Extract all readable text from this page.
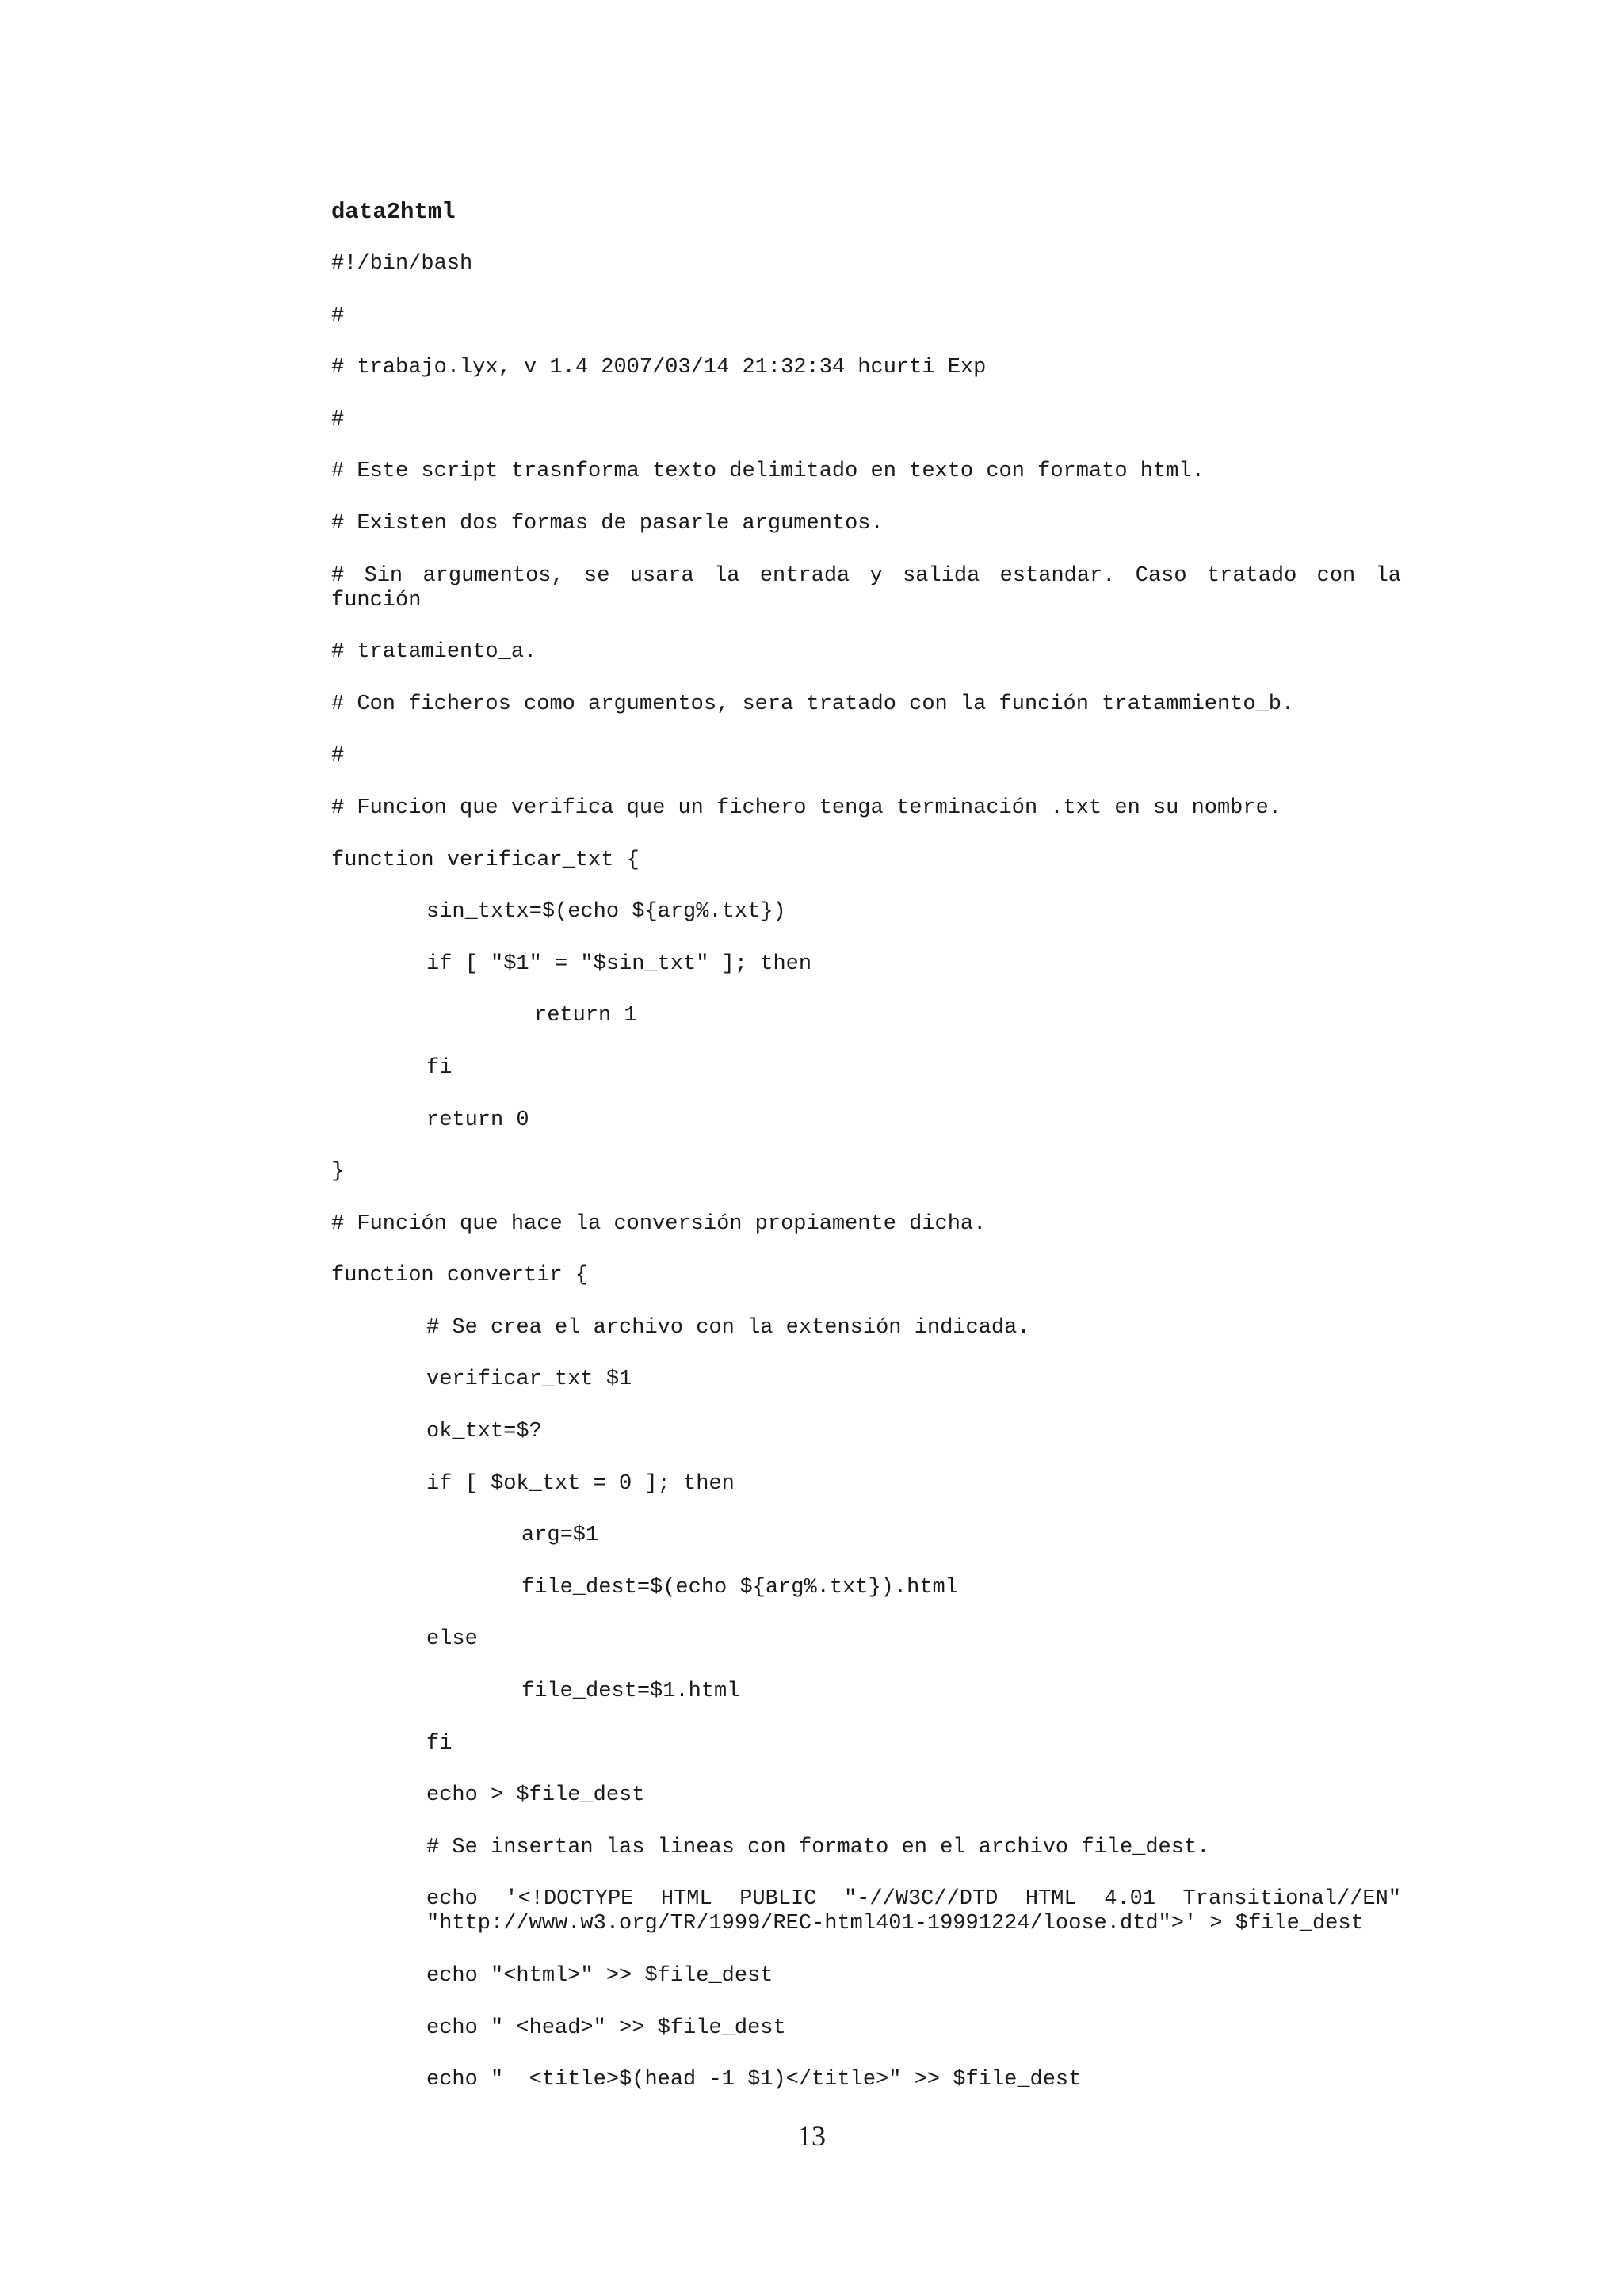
data2html
#!/bin/bash
#
# trabajo.lyx, v 1.4 2007/03/14 21:32:34 hcurti Exp
#
# Este script trasnforma texto delimitado en texto con formato html.
# Existen dos formas de pasarle argumentos.
# Sin argumentos, se usara la entrada y salida estandar. Caso tratado con la función
# tratamiento_a.
# Con ficheros como argumentos, sera tratado con la función tratammiento_b.
#
# Funcion que verifica que un fichero tenga terminación .txt en su nombre.
function verificar_txt {
sin_txtx=$(echo ${arg%.txt})
if [ "$1" = "$sin_txt" ]; then
return 1
fi
return 0
}
# Función que hace la conversión propiamente dicha.
function convertir {
# Se crea el archivo con la extensión indicada.
verificar_txt $1
ok_txt=$?
if [ $ok_txt = 0 ]; then
arg=$1
file_dest=$(echo ${arg%.txt}).html
else
file_dest=$1.html
fi
echo > $file_dest
# Se insertan las lineas con formato en el archivo file_dest.
echo '<!DOCTYPE HTML PUBLIC "-//W3C//DTD HTML 4.01 Transitional//EN" "http://www.w3.org/TR/1999/REC-html401-19991224/loose.dtd">' > $file_dest
echo "<html>" >> $file_dest
echo " <head>" >> $file_dest
echo "  <title>$(head -1 $1)</title>" >> $file_dest
13
